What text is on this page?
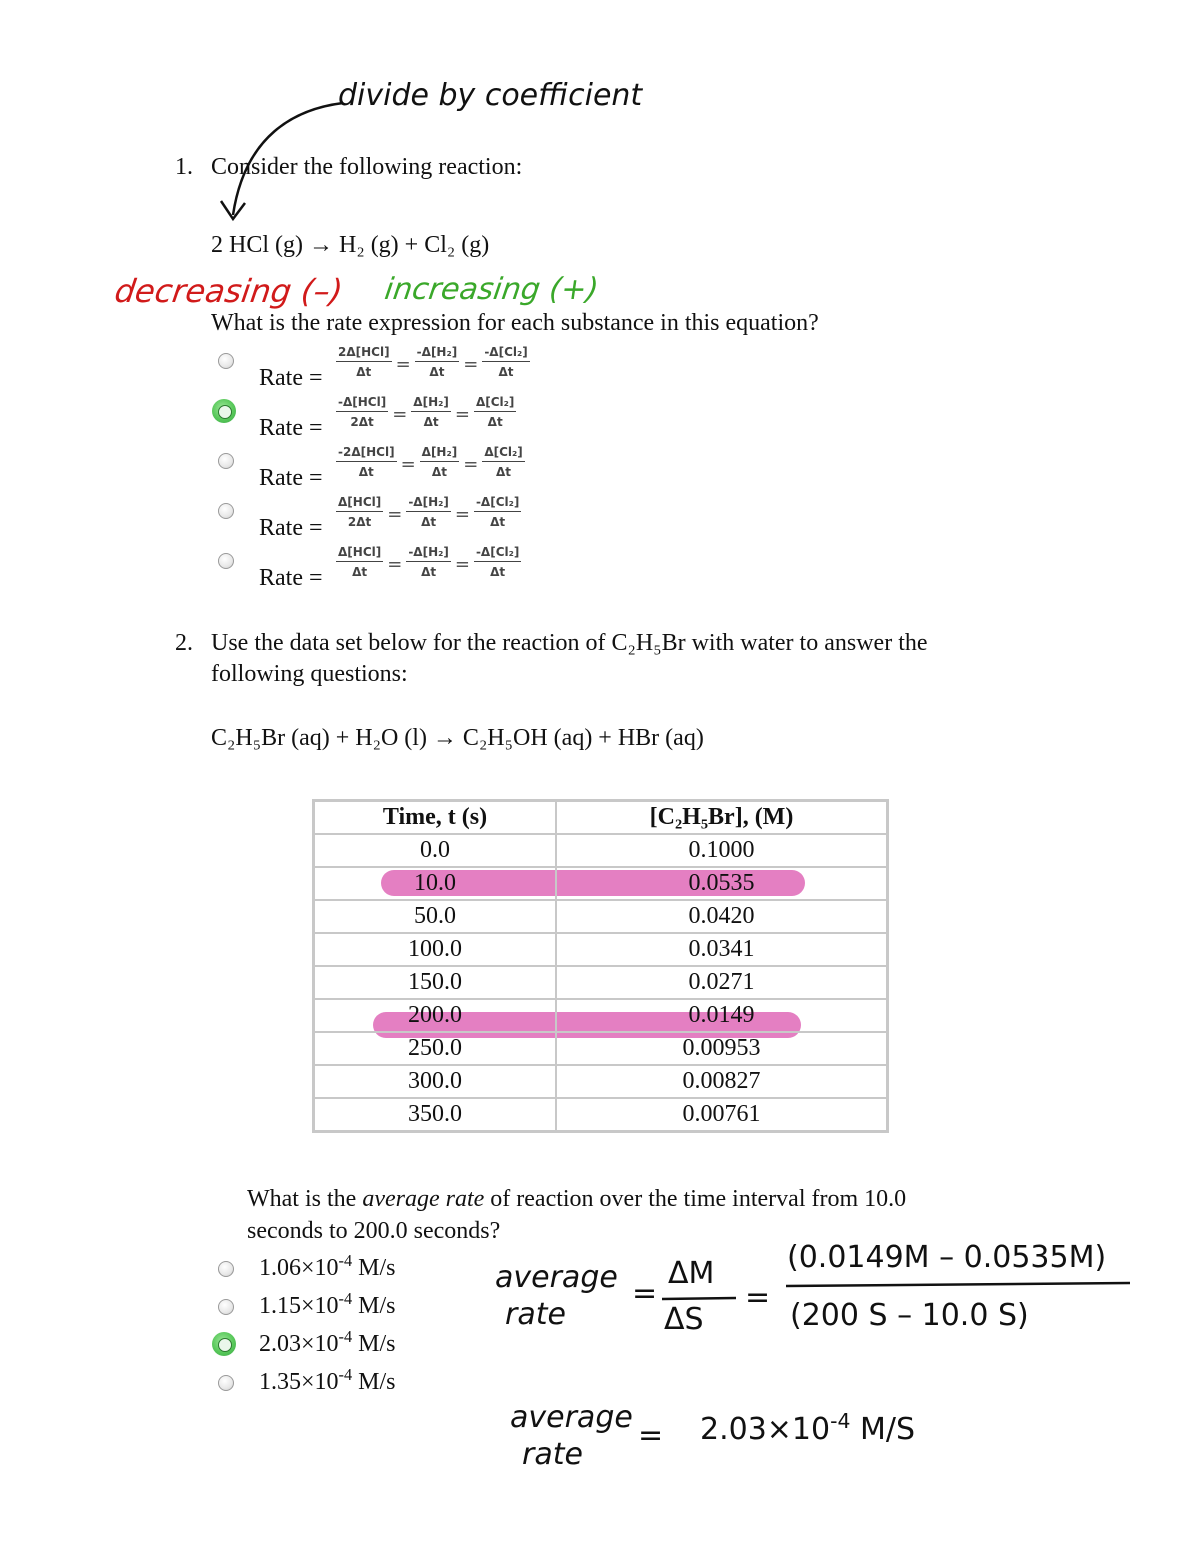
divide by coefficient
1. Consider the following reaction:
2 HCl (g) → H₂ (g) + Cl₂ (g)
decreasing (–) increasing (+)
What is the rate expression for each substance in this equation?
Rate = $\frac{\text{2Δ[HCl]}}{\Delta t} = \frac{\text{-Δ[H₂]}}{\Delta t} = \frac{\text{-Δ[Cl₂]}}{\Delta t}$
Rate = $\frac{\text{-Δ[HCl]}}{2\Delta t} = \frac{\text{Δ[H₂]}}{\Delta t} = \frac{\text{Δ[Cl₂]}}{\Delta t}$
Rate = $\frac{\text{-2Δ[HCl]}}{\Delta t} = \frac{\text{Δ[H₂]}}{\Delta t} = \frac{\text{Δ[Cl₂]}}{\Delta t}$
Rate = $\frac{\text{Δ[HCl]}}{2\Delta t} = \frac{\text{-Δ[H₂]}}{\Delta t} = \frac{\text{-Δ[Cl₂]}}{\Delta t}$
Rate = $\frac{\text{Δ[HCl]}}{\Delta t} = \frac{\text{-Δ[H₂]}}{\Delta t} = \frac{\text{-Δ[Cl₂]}}{\Delta t}$
2. Use the data set below for the reaction of C₂H₅Br with water to answer the
following questions:
C₂H₅Br (aq) + H₂O (l) → C₂H₅OH (aq) + HBr (aq)
Time, t (s)	[C₂H₅Br], (M)
0.0	0.1000
10.0	0.0535
50.0	0.0420
100.0	0.0341
150.0	0.0271
200.0	0.0149
250.0	0.00953
300.0	0.00827
350.0	0.00761
What is the average rate of reaction over the time interval from 10.0
seconds to 200.0 seconds?
$1.06\times 10^{-4}$ M/s
$1.15\times 10^{-4}$ M/s
$2.03\times 10^{-4}$ M/s
$1.35\times 10^{-4}$ M/s
average
rate
=
ΔM
ΔS
=
(0.0149M – 0.0535M)
(200 S – 10.0 S)
average
rate
= $2.03\times 10^{-4}$ M/S
